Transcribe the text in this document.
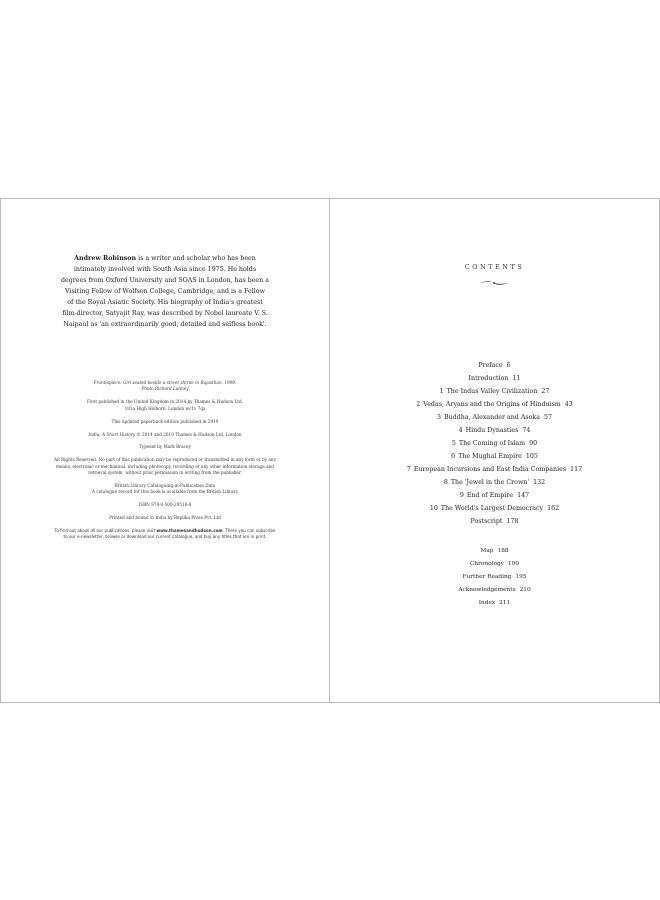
Andrew Robinson is a writer and scholar who has been intimately involved with South Asia since 1975. He holds degrees from Oxford University and SOAS in London, has been a Visiting Fellow of Wolfson College, Cambridge, and is a Fellow of the Royal Asiatic Society. His biography of India's greatest film-director, Satyajit Ray, was described by Nobel laureate V. S. Naipaul as 'an extraordinarily good, detailed and selfless book'.
Frontispiece: Girl seated beside a street shrine in Rajasthan, 1990.
Photo Richard Lannoy
First published in the United Kingdom in 2014 by Thames & Hudson Ltd,
181a High Holborn, London wc1v 7qx
This updated paperback edition published in 2019
India: A Short History © 2014 and 2019 Thames & Hudson Ltd, London
Typeset by Mark Bracey
All Rights Reserved. No part of this publication may be reproduced or transmitted in any form or by any means, electronic or mechanical, including photocopy, recording or any other information storage and retrieval system, without prior permission in writing from the publisher.
British Library Cataloguing-in-Publication Data
A catalogue record for this book is available from the British Library
ISBN 978-0-500-29516-8
Printed and bound in India by Replika Press Pvt. Ltd
To find out about all our publications, please visit www.thamesandhudson.com. There you can subscribe to our e-newsletter, browse or download our current catalogue, and buy any titles that are in print.
CONTENTS
Preface 6
Introduction 11
1 The Indus Valley Civilization 27
2 Vedas, Aryans and the Origins of Hinduism 43
3 Buddha, Alexander and Asoka 57
4 Hindu Dynasties 74
5 The Coming of Islam 90
6 The Mughal Empire 105
7 European Incursions and East India Companies 117
8 The 'Jewel in the Crown' 132
9 End of Empire 147
10 The World's Largest Democracy 162
Postscript 178
Map 188
Chronology 190
Further Reading 195
Acknowledgements 210
Index 211
